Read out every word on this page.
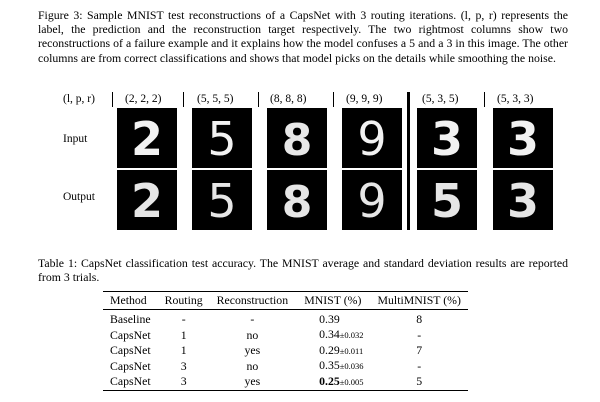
Figure 3: Sample MNIST test reconstructions of a CapsNet with 3 routing iterations. (l, p, r) represents the label, the prediction and the reconstruction target respectively. The two rightmost columns show two reconstructions of a failure example and it explains how the model confuses a 5 and a 3 in this image. The other columns are from correct classifications and shows that model picks on the details while smoothing the noise.
(l, p, r)	(2, 2, 2)	(5, 5, 5)	(8, 8, 8)	(9, 9, 9)	(5, 3, 5)	(5, 3, 3)
Input
Output
2 5 8 9 3 3
2 5 8 9 5 3
Table 1: CapsNet classification test accuracy. The MNIST average and standard deviation results are reported from 3 trials.
Method	Routing	Reconstruction	MNIST (%)	MultiMNIST (%)
Baseline	-	-	0.39	8
CapsNet	1	no	0.34±0.032	-
CapsNet	1	yes	0.29±0.011	7
CapsNet	3	no	0.35±0.036	-
CapsNet	3	yes	0.25±0.005	5
